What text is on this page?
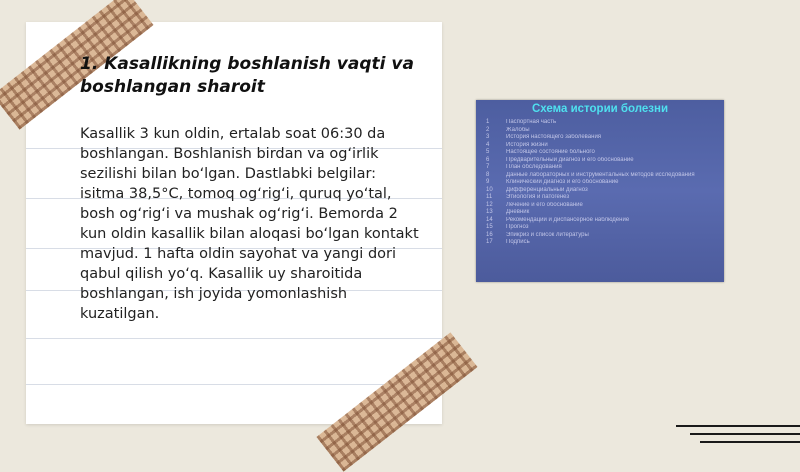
1. Kasallikning boshlanish vaqti va boshlangan sharoit

Kasallik 3 kun oldin, ertalab soat 06:30 da boshlangan. Boshlanish birdan va og‘irlik sezilishi bilan bo‘lgan. Dastlabki belgilar: isitma 38,5°C, tomoq og‘rig‘i, quruq yo‘tal, bosh og‘rig‘i va mushak og‘rig‘i. Bemorda 2 kun oldin kasallik bilan aloqasi bo‘lgan kontakt mavjud. 1 hafta oldin sayohat va yangi dori qabul qilish yo‘q. Kasallik uy sharoitida boshlangan, ish joyida yomonlashish kuzatilgan.

Схема истории болезни
1	Паспортная часть
2	Жалобы
3	История настоящего заболевания
4	История жизни
5	Настоящее состояние больного
6	Предварительный диагноз и его обоснование
7	План обследования
8	Данные лабораторных и инструментальных методов исследования
9	Клинический диагноз и его обоснование
10	Дифференциальный диагноз
11	Этиология и патогенез
12	Лечение и его обоснование
13	Дневник
14	Рекомендации и диспансерное наблюдение
15	Прогноз
16	Эпикриз и список литературы
17	Подпись
